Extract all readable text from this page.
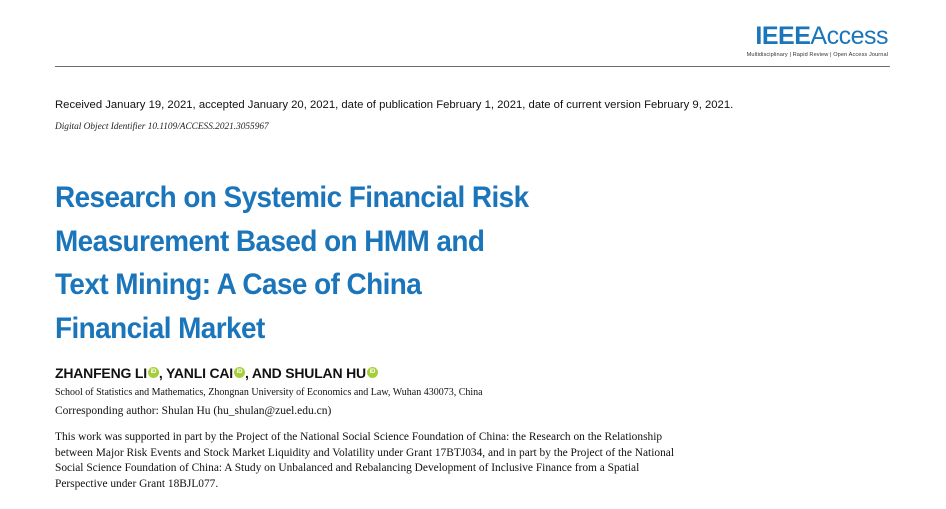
IEEEAccess
Multidisciplinary | Rapid Review | Open Access Journal
Received January 19, 2021, accepted January 20, 2021, date of publication February 1, 2021, date of current version February 9, 2021.
Digital Object Identifier 10.1109/ACCESS.2021.3055967
Research on Systemic Financial Risk
Measurement Based on HMM and
Text Mining: A Case of China
Financial Market
ZHANFENG LI iD , YANLI CAI iD , AND SHULAN HU iD
School of Statistics and Mathematics, Zhongnan University of Economics and Law, Wuhan 430073, China
Corresponding author: Shulan Hu (hu_shulan@zuel.edu.cn)
This work was supported in part by the Project of the National Social Science Foundation of China: the Research on the Relationship
between Major Risk Events and Stock Market Liquidity and Volatility under Grant 17BTJ034, and in part by the Project of the National
Social Science Foundation of China: A Study on Unbalanced and Rebalancing Development of Inclusive Finance from a Spatial
Perspective under Grant 18BJL077.
